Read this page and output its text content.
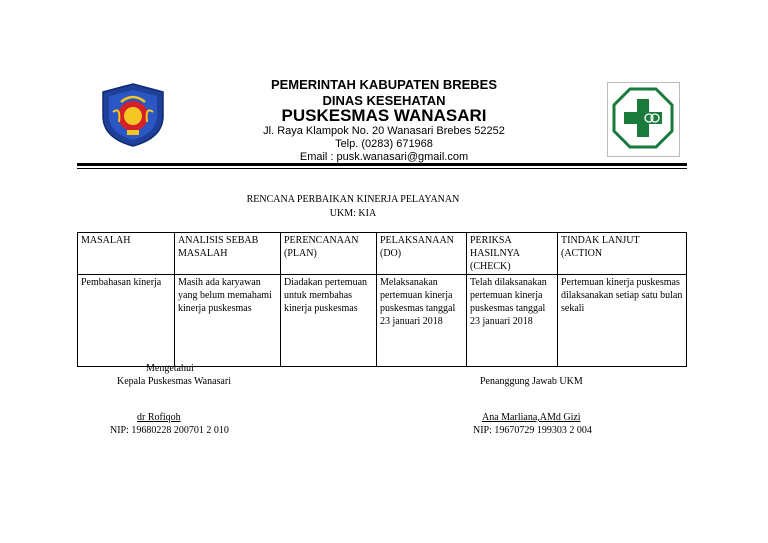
PEMERINTAH KABUPATEN BREBES
DINAS KESEHATAN
PUSKESMAS WANASARI
Jl. Raya Klampok No. 20 Wanasari Brebes 52252
Telp. (0283) 671968
Email : pusk.wanasari@gmail.com
RENCANA PERBAIKAN KINERJA PELAYANAN
UKM: KIA
MASALAH	ANALISIS SEBAB MASALAH	PERENCANAAN (PLAN)	PELAKSANAAN (DO)	PERIKSA HASILNYA (CHECK)	TINDAK LANJUT (ACTION
Pembahasan kinerja	Masih ada karyawan yang belum memahami kinerja puskesmas	Diadakan pertemuan untuk membahas kinerja puskesmas	Melaksanakan pertemuan kinerja puskesmas tanggal 23 januari 2018	Telah dilaksanakan pertemuan kinerja puskesmas tanggal 23 januari 2018	Pertemuan kinerja puskesmas dilaksanakan setiap satu bulan sekali
Mengetahui
Kepala Puskesmas Wanasari
dr Rofiqoh
NIP: 19680228 200701 2 010
Penanggung Jawab UKM
Ana Marliana,AMd Gizi
NIP: 19670729 199303 2 004
